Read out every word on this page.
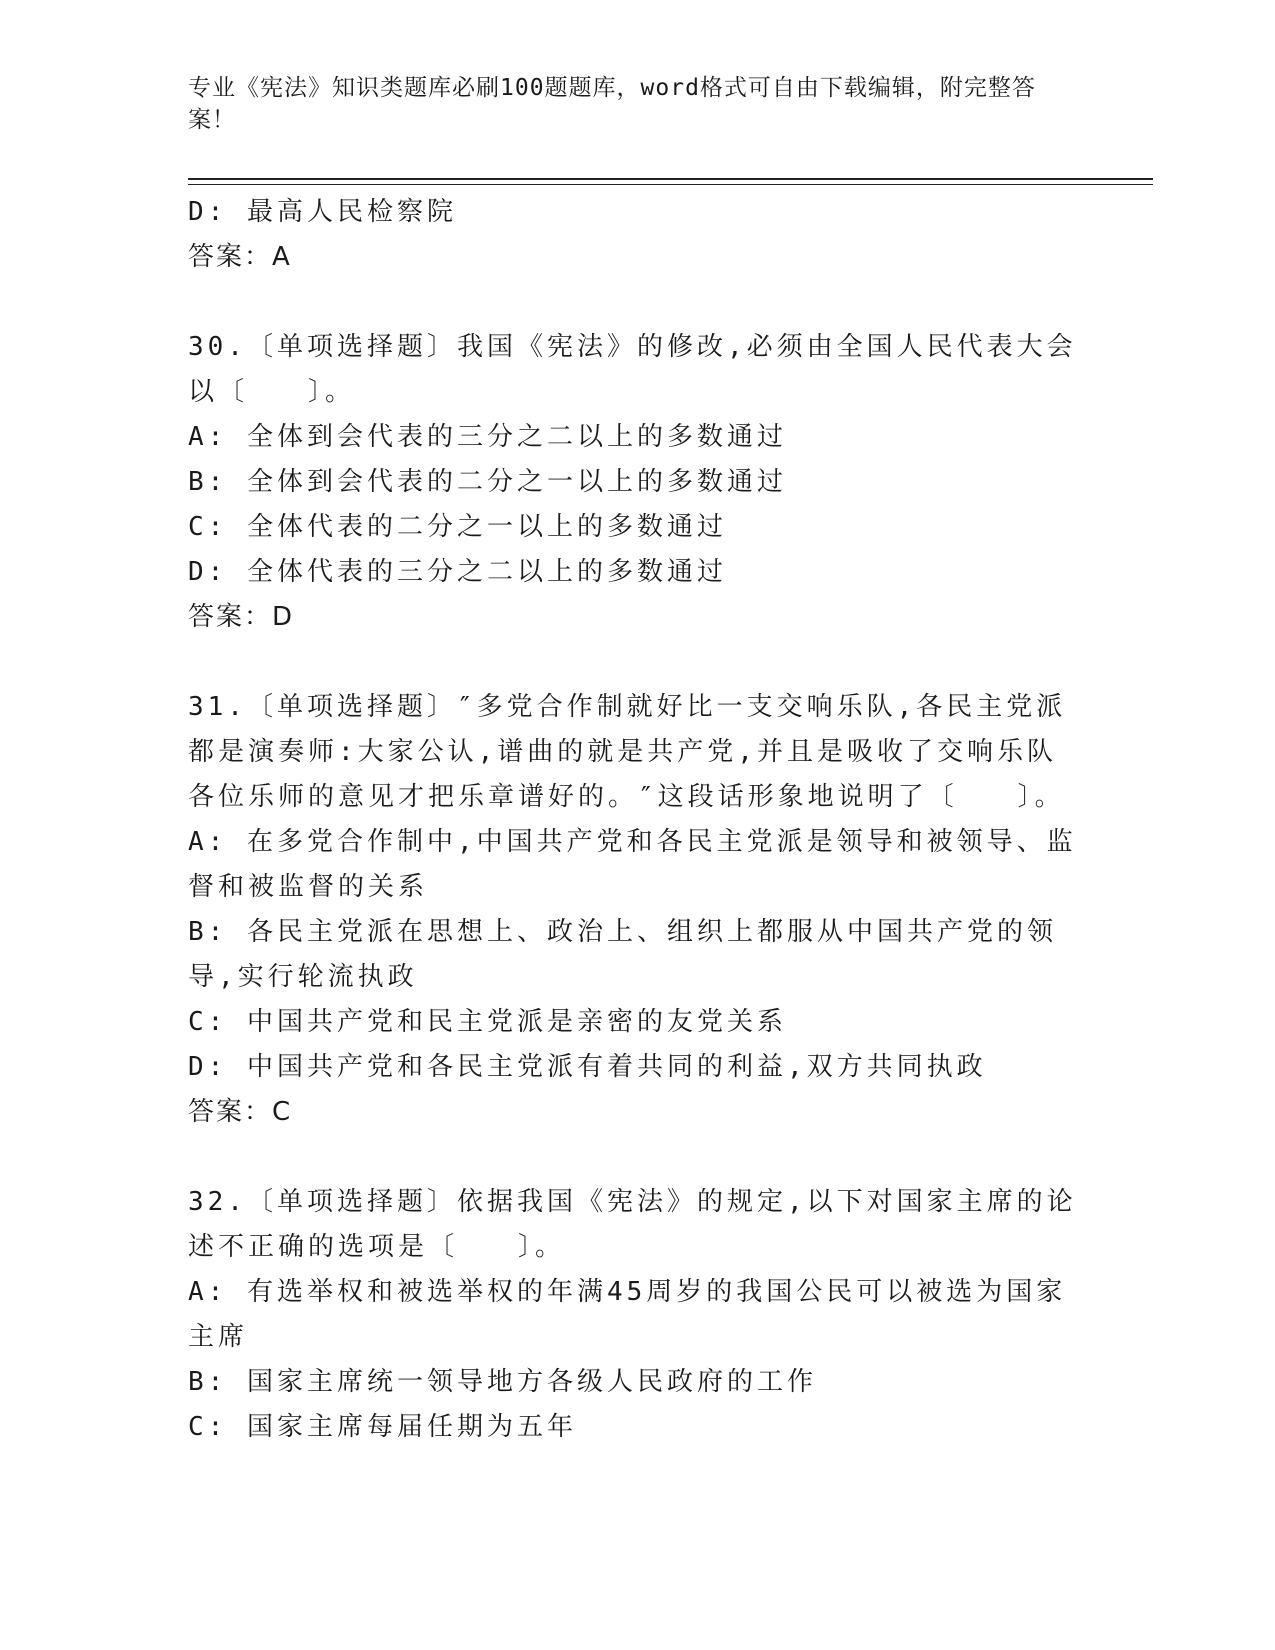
专业《宪法》知识类题库必刷100题题库，word格式可自由下载编辑，附完整答案！

D: 最高人民检察院

答案：A

30.〔单项选择题〕我国《宪法》的修改,必须由全国人民代表大会以〔　　〕。

A: 全体到会代表的三分之二以上的多数通过

B: 全体到会代表的二分之一以上的多数通过

C: 全体代表的二分之一以上的多数通过

D: 全体代表的三分之二以上的多数通过

答案：D

31.〔单项选择题〕″多党合作制就好比一支交响乐队,各民主党派都是演奏师:大家公认,谱曲的就是共产党,并且是吸收了交响乐队各位乐师的意见才把乐章谱好的。″这段话形象地说明了〔　　〕。

A: 在多党合作制中,中国共产党和各民主党派是领导和被领导、监督和被监督的关系

B: 各民主党派在思想上、政治上、组织上都服从中国共产党的领导,实行轮流执政

C: 中国共产党和民主党派是亲密的友党关系

D: 中国共产党和各民主党派有着共同的利益,双方共同执政

答案：C

32.〔单项选择题〕依据我国《宪法》的规定,以下对国家主席的论述不正确的选项是〔　　〕。

A: 有选举权和被选举权的年满45周岁的我国公民可以被选为国家主席

B: 国家主席统一领导地方各级人民政府的工作

C: 国家主席每届任期为五年
